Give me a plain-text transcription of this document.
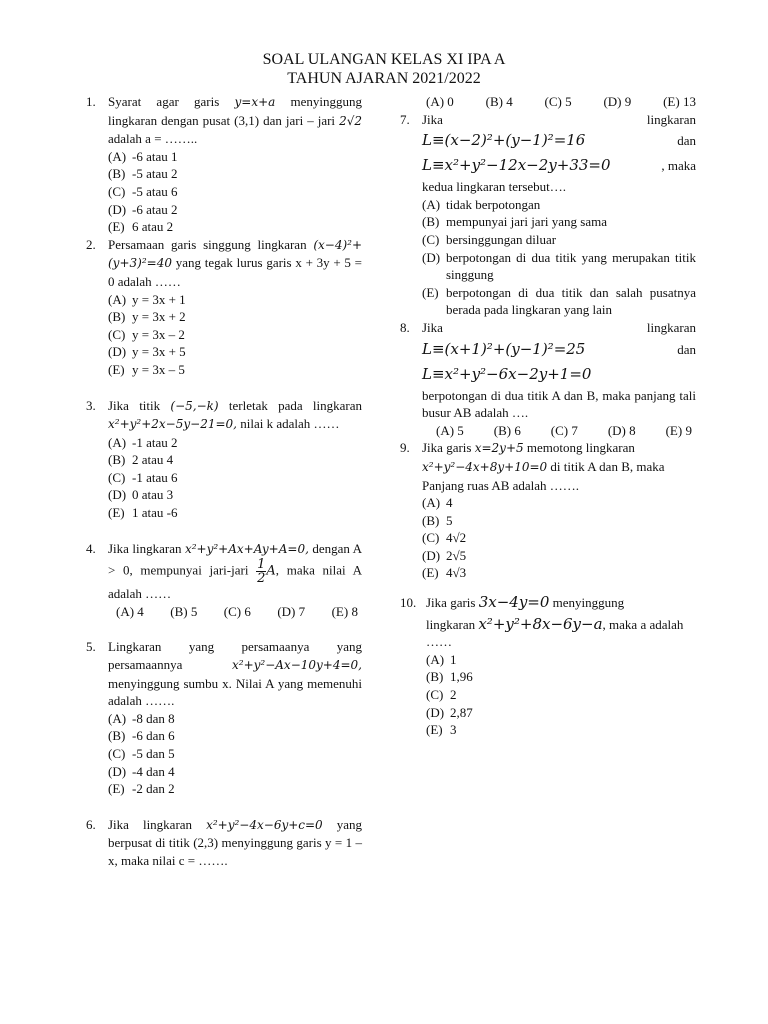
SOAL ULANGAN KELAS XI IPA A
TAHUN AJARAN 2021/2022
1. Syarat agar garis y=x+a menyinggung lingkaran dengan pusat (3,1) dan jari – jari 2√2 adalah a = ……..
(A) -6 atau 1
(B) -5 atau 2
(C) -5 atau 6
(D) -6 atau 2
(E) 6 atau 2
2. Persamaan garis singgung lingkaran (x−4)²+(y+3)²=40 yang tegak lurus garis x + 3y + 5 = 0 adalah ……
(A) y = 3x + 1
(B) y = 3x + 2
(C) y = 3x – 2
(D) y = 3x + 5
(E) y = 3x – 5
3. Jika titik (−5,−k) terletak pada lingkaran x²+y²+2x−5y−21=0, nilai k adalah ……
(A) -1 atau 2
(B) 2 atau 4
(C) -1 atau 6
(D) 0 atau 3
(E) 1 atau -6
4. Jika lingkaran x²+y²+Ax+Ay+A=0, dengan A > 0, mempunyai jari-jari $\frac{1}{2} A$, maka nilai A adalah ……
(A) 4 (B) 5 (C) 6 (D) 7 (E) 8
5. Lingkaran yang persamaanya yang persamaannya	x²+y²−Ax−10y+4=0, menyinggung sumbu x. Nilai A yang memenuhi adalah …….
(A) -8 dan 8
(B) -6 dan 6
(C) -5 dan 5
(D) -4 dan 4
(E) -2 dan 2
6. Jika lingkaran x²+y²−4x−6y+c=0 yang berpusat di titik (2,3) menyinggung garis y = 1 – x, maka nilai c = …….
(A) 0 (B) 4 (C) 5 (D) 9 (E) 13
7. Jika	lingkaran
L≡(x−2)²+(y−1)²=16	dan
L≡x²+y²−12x−2y+33=0	, maka
kedua lingkaran tersebut….
(A) tidak berpotongan
(B) mempunyai jari jari yang sama
(C) bersinggungan diluar
(D) berpotongan di dua titik yang merupakan titik singgung
(E) berpotongan di dua titik dan salah pusatnya berada pada lingkaran yang lain
8. Jika	lingkaran
L≡(x+1)²+(y−1)²=25	dan
L≡x²+y²−6x−2y+1=0
berpotongan di dua titik A dan B, maka panjang tali busur AB adalah ….
(A) 5 (B) 6 (C) 7 (D) 8 (E) 9
9. Jika garis x=2y+5 memotong lingkaran x²+y²−4x+8y+10=0 di titik A dan B, maka Panjang ruas AB adalah …….
(A) 4
(B) 5
(C) 4√2
(D) 2√5
(E) 4√3
10. Jika garis 3x−4y=0 menyinggung
lingkaran x²+y²+8x−6y−a, maka a adalah ……
(A) 1
(B) 1,96
(C) 2
(D) 2,87
(E) 3
